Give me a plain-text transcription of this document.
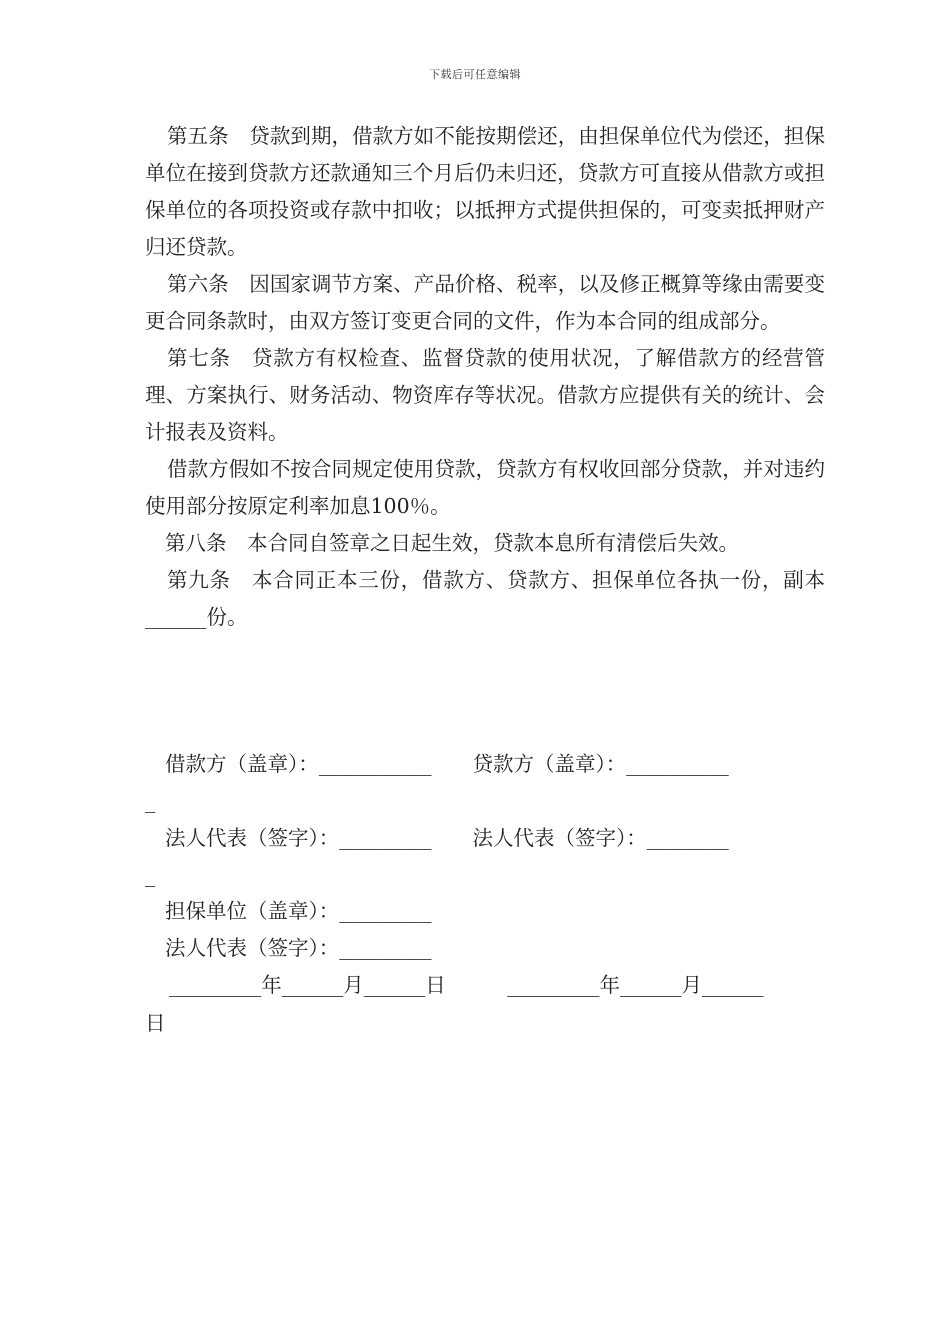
下载后可任意编辑

第五条　贷款到期，借款方如不能按期偿还，由担保单位代为偿还，担保单位在接到贷款方还款通知三个月后仍未归还，贷款方可直接从借款方或担保单位的各项投资或存款中扣收；以抵押方式提供担保的，可变卖抵押财产归还贷款。

第六条　因国家调节方案、产品价格、税率，以及修正概算等缘由需要变更合同条款时，由双方签订变更合同的文件，作为本合同的组成部分。

第七条　贷款方有权检查、监督贷款的使用状况，了解借款方的经营管理、方案执行、财务活动、物资库存等状况。借款方应提供有关的统计、会计报表及资料。

借款方假如不按合同规定使用贷款，贷款方有权收回部分贷款，并对违约使用部分按原定利率加息100％。

第八条　本合同自签章之日起生效，贷款本息所有清偿后失效。

第九条　本合同正本三份，借款方、贷款方、担保单位各执一份，副本______份。

借款方（盖章）：___________　　贷款方（盖章）：__________
_
法人代表（签字）：_________　　法人代表（签字）：________
_
担保单位（盖章）：_________
法人代表（签字）：_________
_________年______月______日　　　_________年______月______
日
